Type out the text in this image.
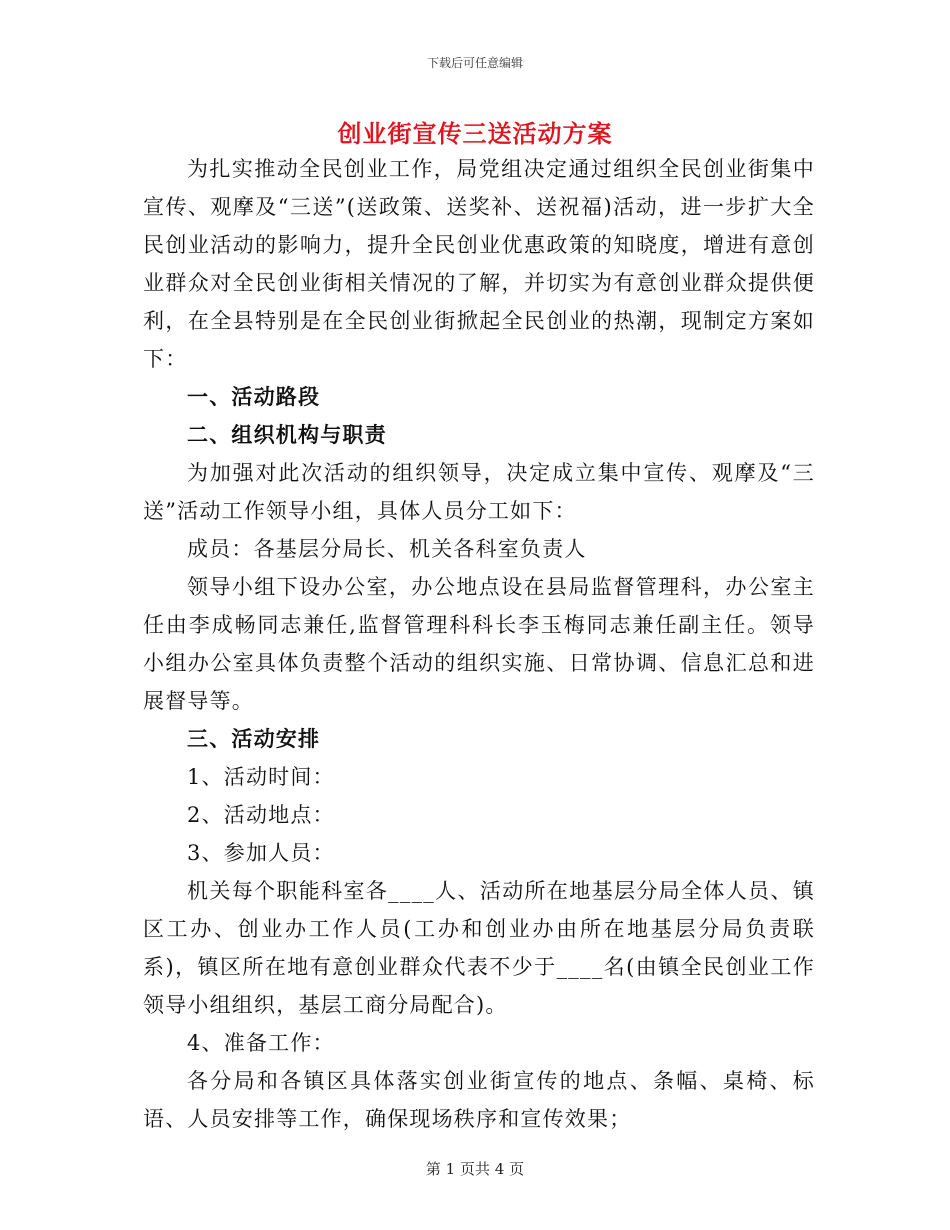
下载后可任意编辑
创业街宣传三送活动方案

为扎实推动全民创业工作，局党组决定通过组织全民创业街集中宣传、观摩及“三送”(送政策、送奖补、送祝福)活动，进一步扩大全民创业活动的影响力，提升全民创业优惠政策的知晓度，增进有意创业群众对全民创业街相关情况的了解，并切实为有意创业群众提供便利，在全县特别是在全民创业街掀起全民创业的热潮，现制定方案如下：

一、活动路段

二、组织机构与职责

为加强对此次活动的组织领导，决定成立集中宣传、观摩及“三送”活动工作领导小组，具体人员分工如下：

成员：各基层分局长、机关各科室负责人

领导小组下设办公室，办公地点设在县局监督管理科，办公室主任由李成畅同志兼任,监督管理科科长李玉梅同志兼任副主任。领导小组办公室具体负责整个活动的组织实施、日常协调、信息汇总和进展督导等。

三、活动安排

1、活动时间：

2、活动地点：

3、参加人员：

机关每个职能科室各____人、活动所在地基层分局全体人员、镇区工办、创业办工作人员(工办和创业办由所在地基层分局负责联系)，镇区所在地有意创业群众代表不少于____名(由镇全民创业工作领导小组组织，基层工商分局配合)。

4、准备工作：

各分局和各镇区具体落实创业街宣传的地点、条幅、桌椅、标语、人员安排等工作，确保现场秩序和宣传效果；

第 1 页共 4 页
